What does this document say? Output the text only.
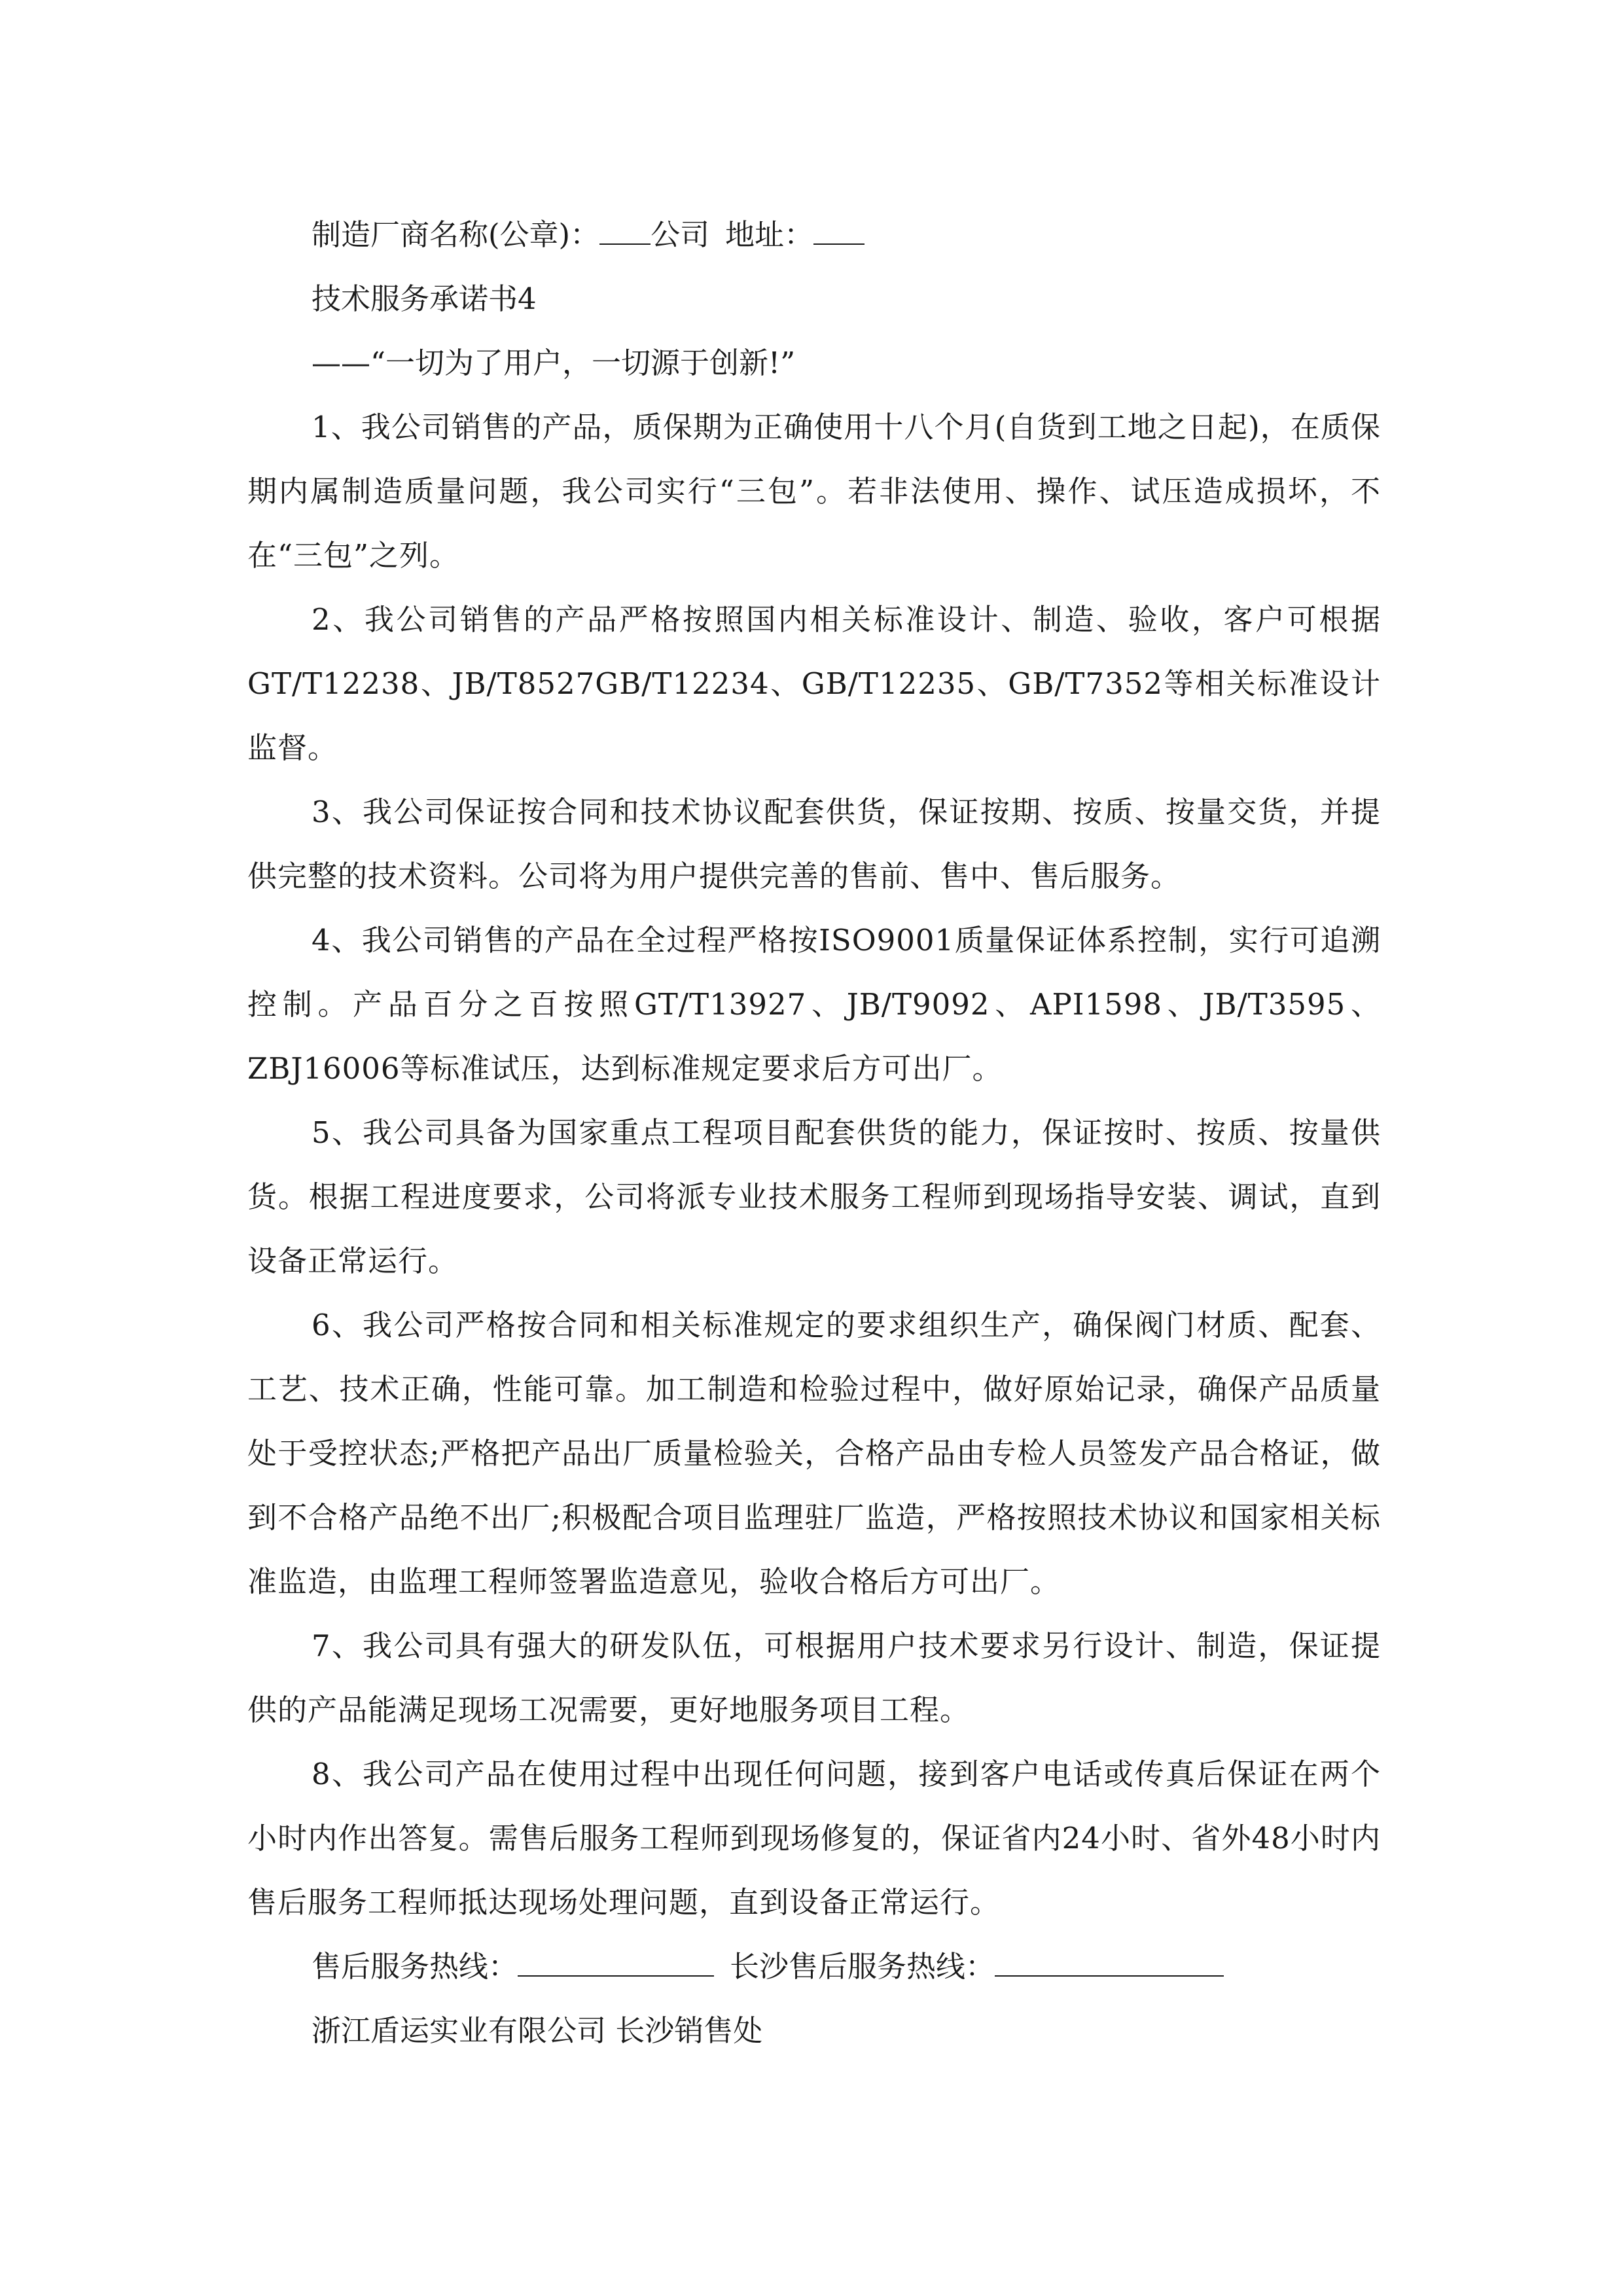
制造厂商名称(公章)： 公司 地址：

技术服务承诺书4

——“一切为了用户，一切源于创新!”

1、我公司销售的产品，质保期为正确使用十八个月(自货到工地之日起)，在质保期内属制造质量问题，我公司实行“三包”。若非法使用、操作、试压造成损坏，不在“三包”之列。

2、我公司销售的产品严格按照国内相关标准设计、制造、验收，客户可根据GT/T12238、JB/T8527GB/T12234、GB/T12235、GB/T7352等相关标准设计监督。

3、我公司保证按合同和技术协议配套供货，保证按期、按质、按量交货，并提供完整的技术资料。公司将为用户提供完善的售前、售中、售后服务。

4、我公司销售的产品在全过程严格按ISO9001质量保证体系控制，实行可追溯控制。产品百分之百按照GT/T13927、JB/T9092、API1598、JB/T3595、ZBJ16006等标准试压，达到标准规定要求后方可出厂。

5、我公司具备为国家重点工程项目配套供货的能力，保证按时、按质、按量供货。根据工程进度要求，公司将派专业技术服务工程师到现场指导安装、调试，直到设备正常运行。

6、我公司严格按合同和相关标准规定的要求组织生产，确保阀门材质、配套、工艺、技术正确，性能可靠。加工制造和检验过程中，做好原始记录，确保产品质量处于受控状态;严格把产品出厂质量检验关，合格产品由专检人员签发产品合格证，做到不合格产品绝不出厂;积极配合项目监理驻厂监造，严格按照技术协议和国家相关标准监造，由监理工程师签署监造意见，验收合格后方可出厂。

7、我公司具有强大的研发队伍，可根据用户技术要求另行设计、制造，保证提供的产品能满足现场工况需要，更好地服务项目工程。

8、我公司产品在使用过程中出现任何问题，接到客户电话或传真后保证在两个小时内作出答复。需售后服务工程师到现场修复的，保证省内24小时、省外48小时内售后服务工程师抵达现场处理问题，直到设备正常运行。

售后服务热线：	长沙售后服务热线：

浙江盾运实业有限公司 长沙销售处
